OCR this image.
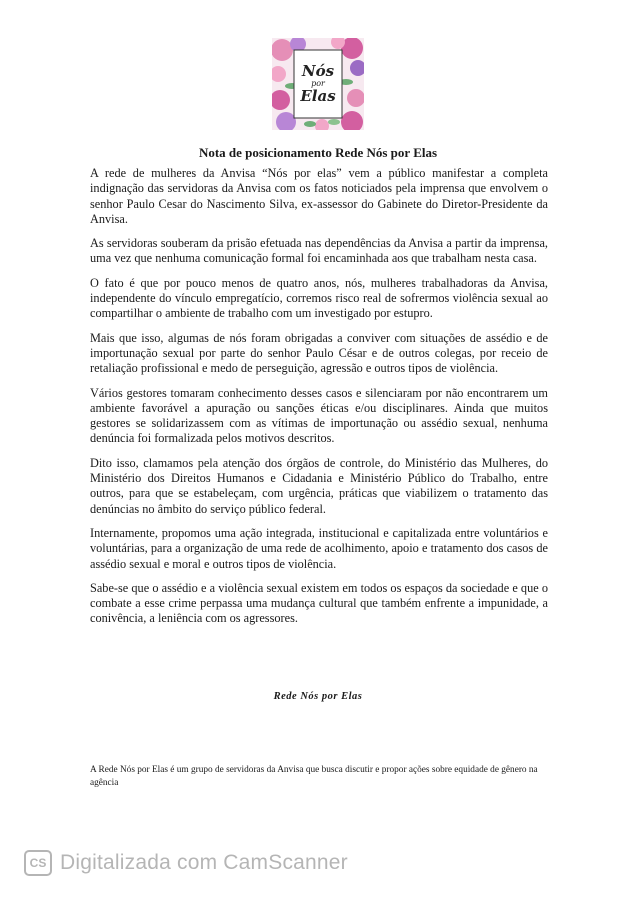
Nós
por
Elas
Nota de posicionamento Rede Nós por Elas

A rede de mulheres da Anvisa “Nós por elas” vem a público manifestar a completa indignação das servidoras da Anvisa com os fatos noticiados pela imprensa que envolvem o senhor Paulo Cesar do Nascimento Silva, ex-assessor do Gabinete do Diretor-Presidente da Anvisa.

As servidoras souberam da prisão efetuada nas dependências da Anvisa a partir da imprensa, uma vez que nenhuma comunicação formal foi encaminhada aos que trabalham nesta casa.

O fato é que por pouco menos de quatro anos, nós, mulheres trabalhadoras da Anvisa, independente do vínculo empregatício, corremos risco real de sofrermos violência sexual ao compartilhar o ambiente de trabalho com um investigado por estupro.

Mais que isso, algumas de nós foram obrigadas a conviver com situações de assédio e de importunação sexual por parte do senhor Paulo César e de outros colegas, por receio de retaliação profissional e medo de perseguição, agressão e outros tipos de violência.

Vários gestores tomaram conhecimento desses casos e silenciaram por não encontrarem um ambiente favorável a apuração ou sanções éticas e/ou disciplinares. Ainda que muitos gestores se solidarizassem com as vítimas de importunação ou assédio sexual, nenhuma denúncia foi formalizada pelos motivos descritos.

Dito isso, clamamos pela atenção dos órgãos de controle, do Ministério das Mulheres, do Ministério dos Direitos Humanos e Cidadania e Ministério Público do Trabalho, entre outros, para que se estabeleçam, com urgência, práticas que viabilizem o tratamento das denúncias no âmbito do serviço público federal.

Internamente, propomos uma ação integrada, institucional e capitalizada entre voluntários e voluntárias, para a organização de uma rede de acolhimento, apoio e tratamento dos casos de assédio sexual e moral e outros tipos de violência.

Sabe-se que o assédio e a violência sexual existem em todos os espaços da sociedade e que o combate a esse crime perpassa uma mudança cultural que também enfrente a impunidade, a conivência, a leniência com os agressores.

Rede Nós por Elas
A Rede Nós por Elas é um grupo de servidoras da Anvisa que busca discutir e propor ações sobre equidade de gênero na agência
CS Digitalizada com CamScanner
